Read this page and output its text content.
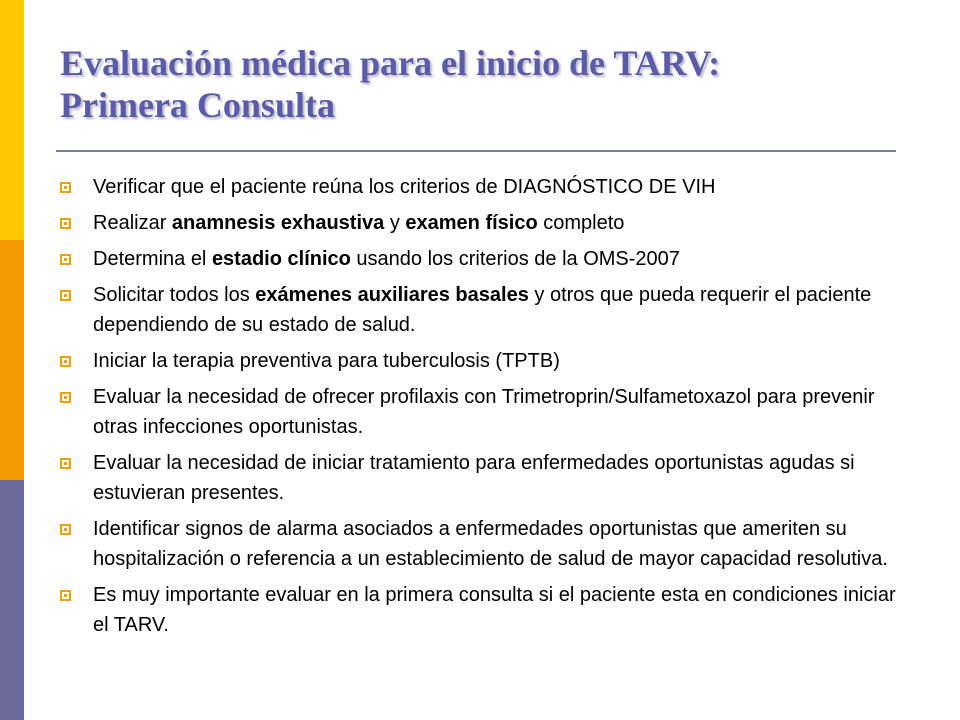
Evaluación médica para el inicio de TARV:
Primera Consulta
Verificar que el paciente reúna los criterios de DIAGNÓSTICO DE VIH
Realizar anamnesis exhaustiva y examen físico completo
Determina el estadio clínico usando los criterios de la OMS-2007
Solicitar todos los exámenes auxiliares basales y otros que pueda requerir el paciente dependiendo de su estado de salud.
Iniciar la terapia preventiva para tuberculosis (TPTB)
Evaluar la necesidad de ofrecer profilaxis con Trimetroprin/Sulfametoxazol para prevenir otras infecciones oportunistas.
Evaluar la necesidad de iniciar tratamiento para enfermedades oportunistas agudas si estuvieran presentes.
Identificar signos de alarma asociados a enfermedades oportunistas que ameriten su hospitalización o referencia a un establecimiento de salud de mayor capacidad resolutiva.
Es muy importante evaluar en la primera consulta si el paciente esta en condiciones iniciar el TARV.
